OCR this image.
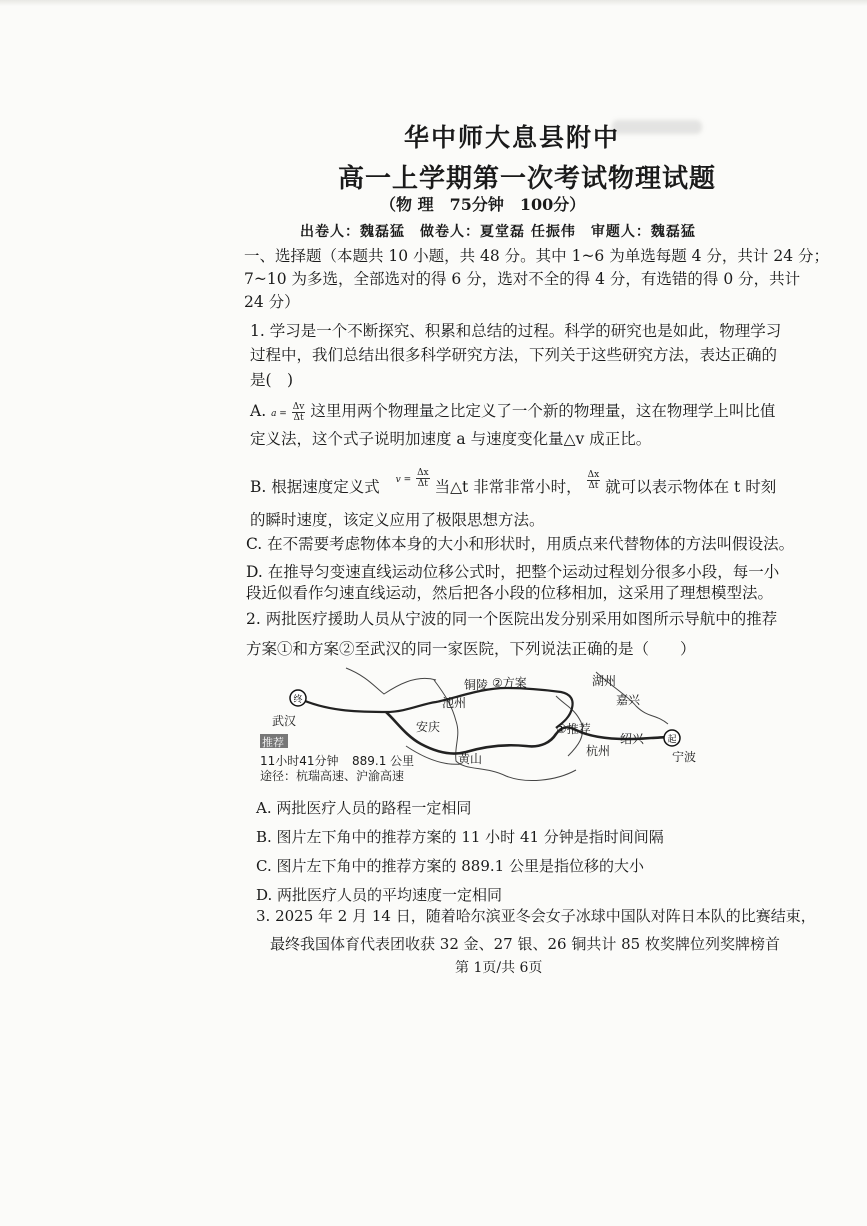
华中师大息县附中
高一上学期第一次考试物理试题
（物 理　75分钟　100分）
出卷人：魏磊猛　做卷人：夏堂磊 任振伟　审题人：魏磊猛
一、选择题（本题共 10 小题，共 48 分。其中 1~6 为单选每题 4 分，共计 24 分；
7~10 为多选，全部选对的得 6 分，选对不全的得 4 分，有选错的得 0 分，共计
24 分）
1. 学习是一个不断探究、积累和总结的过程。科学的研究也是如此，物理学习
过程中，我们总结出很多科学研究方法，下列关于这些研究方法，表达正确的
是(　)
A. $a = \frac{\Delta v}{\Delta t}$ 这里用两个物理量之比定义了一个新的物理量，这在物理学上叫比值
定义法，这个式子说明加速度 a 与速度变化量△v 成正比。
B. 根据速度定义式 $^{v =} \frac{\Delta x}{\Delta t}$ 当△t 非常非常小时， $\frac{\Delta x}{\Delta t}$ 就可以表示物体在 t 时刻
的瞬时速度，该定义应用了极限思想方法。
C. 在不需要考虑物体本身的大小和形状时，用质点来代替物体的方法叫假设法。
D. 在推导匀变速直线运动位移公式时，把整个运动过程划分很多小段，每一小
段近似看作匀速直线运动，然后把各小段的位移相加，这采用了理想模型法。
2. 两批医疗援助人员从宁波的同一个医院出发分别采用如图所示导航中的推荐
方案①和方案②至武汉的同一家医院，下列说法正确的是（　　）
终
起
武汉
池州
铜陵 ②方案	湖州
嘉兴
安庆	①推荐
绍兴
黄山
杭州	宁波
推荐
11小时41分钟 889.1 公里
途径：杭瑞高速、沪渝高速
A. 两批医疗人员的路程一定相同
B. 图片左下角中的推荐方案的 11 小时 41 分钟是指时间间隔
C. 图片左下角中的推荐方案的 889.1 公里是指位移的大小
D. 两批医疗人员的平均速度一定相同
3. 2025 年 2 月 14 日，随着哈尔滨亚冬会女子冰球中国队对阵日本队的比赛结束，
最终我国体育代表团收获 32 金、27 银、26 铜共计 85 枚奖牌位列奖牌榜首
第 1页/共 6页
